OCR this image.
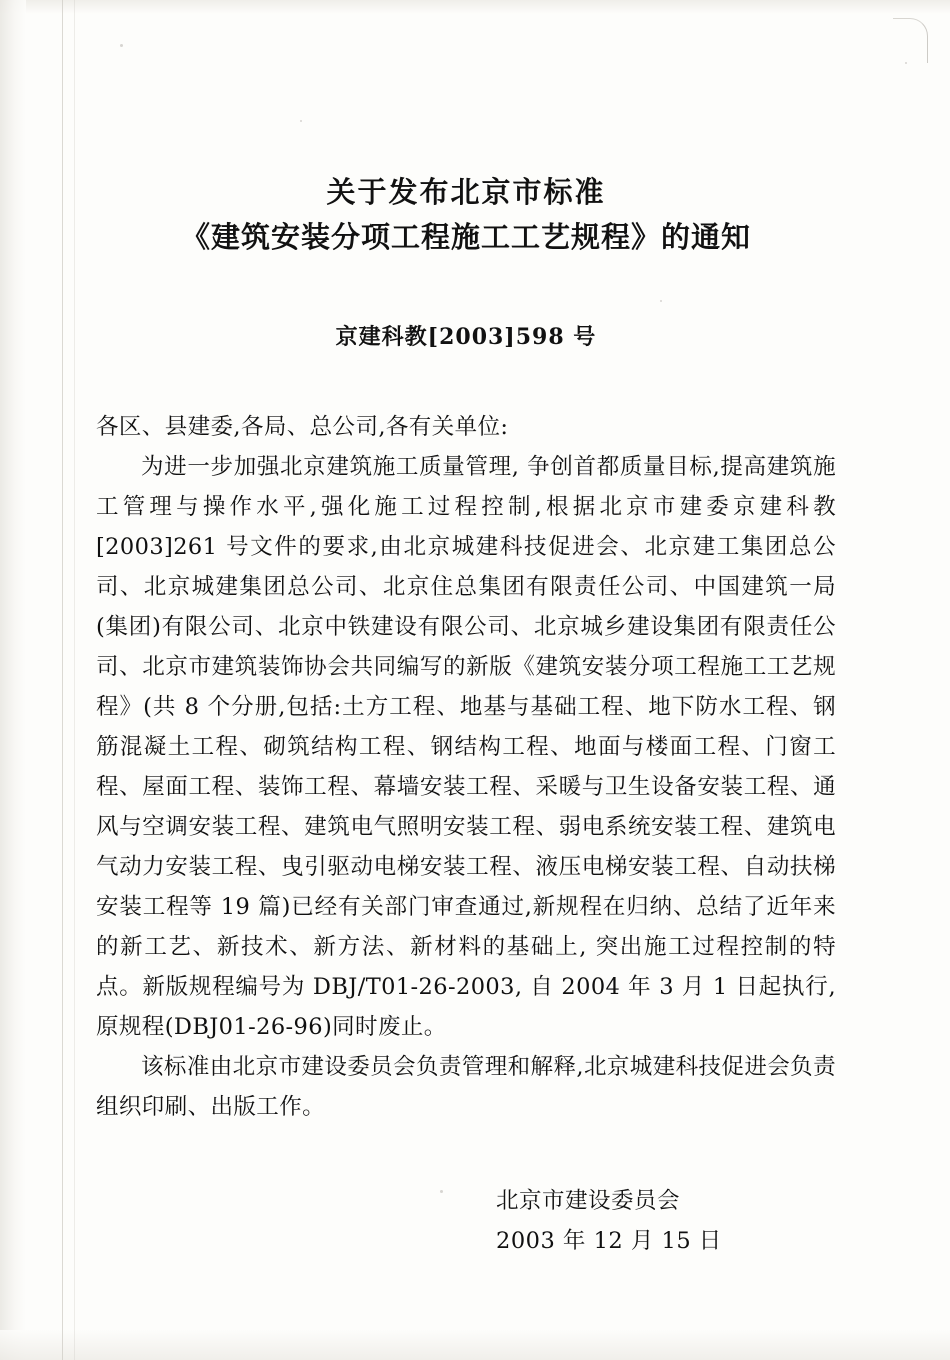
关于发布北京市标准
《建筑安装分项工程施工工艺规程》的通知
京建科教[2003]598 号

各区、县建委,各局、总公司,各有关单位:

为进一步加强北京建筑施工质量管理, 争创首都质量目标,提高建筑施工管理与操作水平,强化施工过程控制,根据北京市建委京建科教[2003]261 号文件的要求,由北京城建科技促进会、北京建工集团总公司、北京城建集团总公司、北京住总集团有限责任公司、中国建筑一局(集团)有限公司、北京中铁建设有限公司、北京城乡建设集团有限责任公司、北京市建筑装饰协会共同编写的新版《建筑安装分项工程施工工艺规程》(共 8 个分册,包括:土方工程、地基与基础工程、地下防水工程、钢筋混凝土工程、砌筑结构工程、钢结构工程、地面与楼面工程、门窗工程、屋面工程、装饰工程、幕墙安装工程、采暖与卫生设备安装工程、通风与空调安装工程、建筑电气照明安装工程、弱电系统安装工程、建筑电气动力安装工程、曳引驱动电梯安装工程、液压电梯安装工程、自动扶梯安装工程等 19 篇)已经有关部门审查通过,新规程在归纳、总结了近年来的新工艺、新技术、新方法、新材料的基础上, 突出施工过程控制的特点。新版规程编号为 DBJ/T01-26-2003, 自 2004 年 3 月 1 日起执行, 原规程(DBJ01-26-96)同时废止。

该标准由北京市建设委员会负责管理和解释,北京城建科技促进会负责组织印刷、出版工作。

北京市建设委员会

2003 年 12 月 15 日
